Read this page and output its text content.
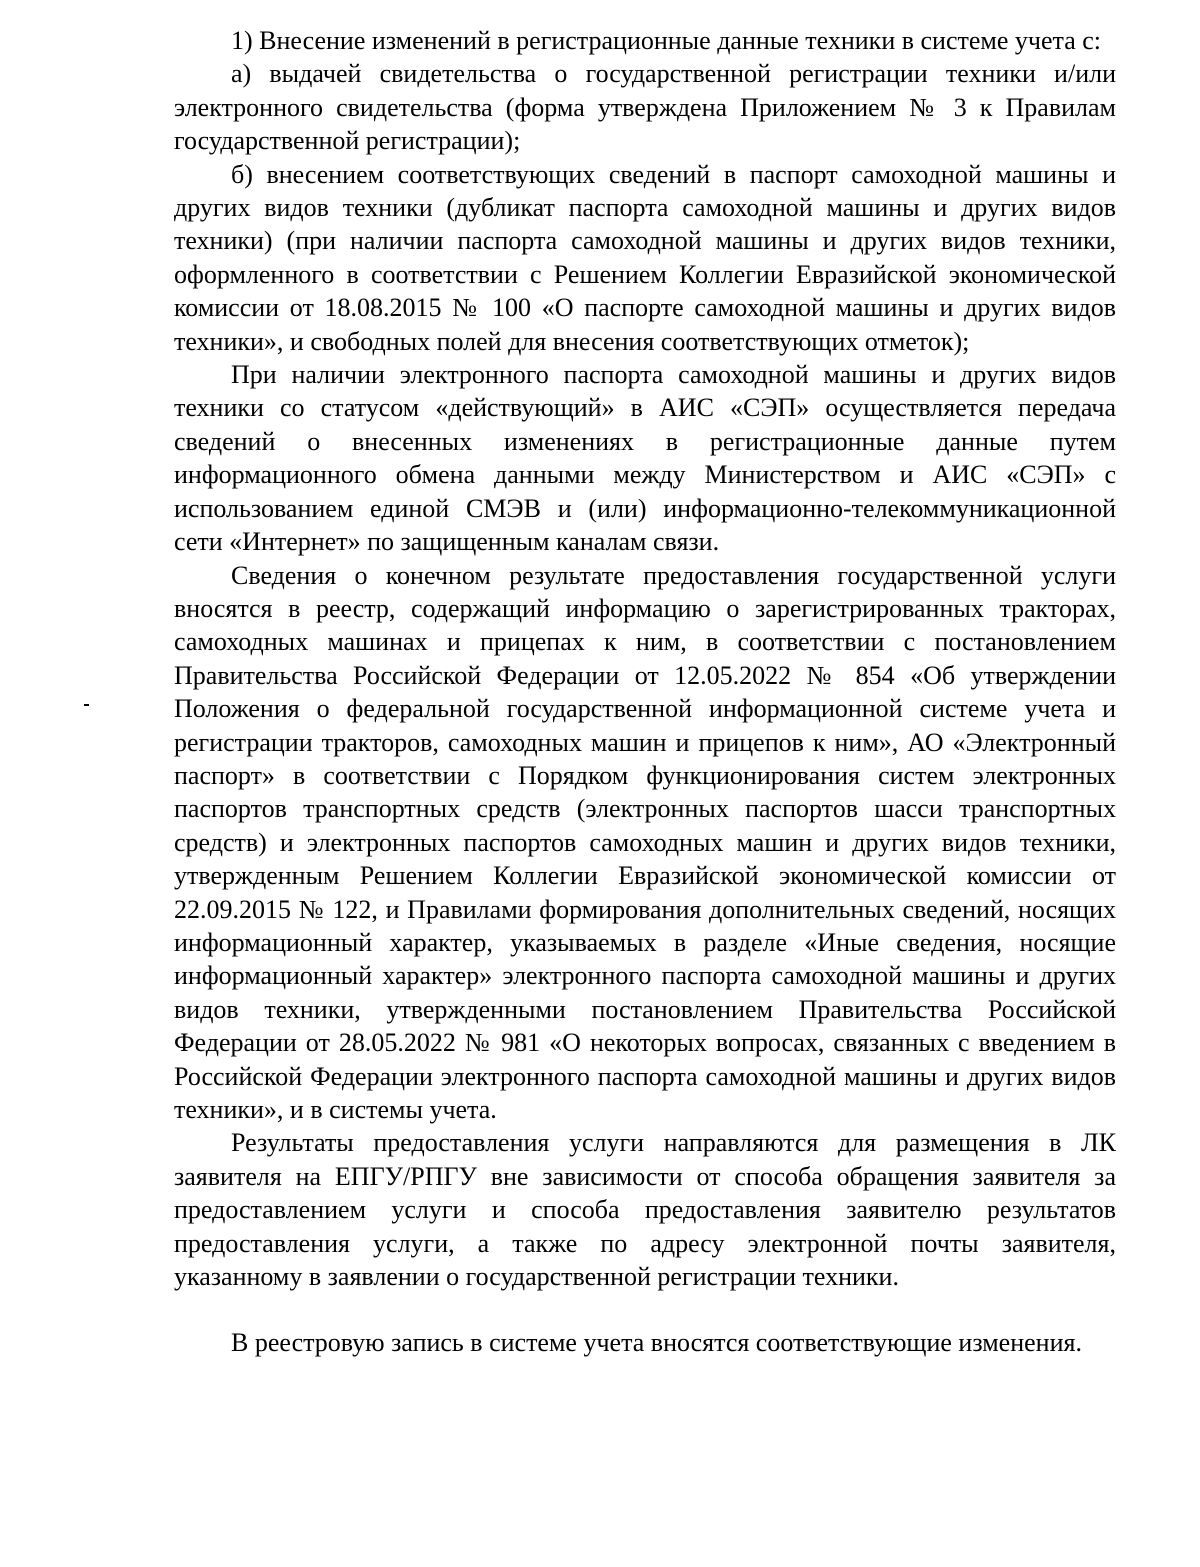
1) Внесение изменений в регистрационные данные техники в системе учета с:

а) выдачей свидетельства о государственной регистрации техники и/или электронного свидетельства (форма утверждена Приложением № 3 к Правилам государственной регистрации);

б) внесением соответствующих сведений в паспорт самоходной машины и других видов техники (дубликат паспорта самоходной машины и других видов техники) (при наличии паспорта самоходной машины и других видов техники, оформленного в соответствии с Решением Коллегии Евразийской экономической комиссии от 18.08.2015 № 100 «О паспорте самоходной машины и других видов техники», и свободных полей для внесения соответствующих отметок);

При наличии электронного паспорта самоходной машины и других видов техники со статусом «действующий» в АИС «СЭП» осуществляется передача сведений о внесенных изменениях в регистрационные данные путем информационного обмена данными между Министерством и АИС «СЭП» с использованием единой СМЭВ и (или) информационно-телекоммуникационной сети «Интернет» по защищенным каналам связи.

Сведения о конечном результате предоставления государственной услуги вносятся в реестр, содержащий информацию о зарегистрированных тракторах, самоходных машинах и прицепах к ним, в соответствии с постановлением Правительства Российской Федерации от 12.05.2022 № 854 «Об утверждении Положения о федеральной государственной информационной системе учета и регистрации тракторов, самоходных машин и прицепов к ним», АО «Электронный паспорт» в соответствии с Порядком функционирования систем электронных паспортов транспортных средств (электронных паспортов шасси транспортных средств) и электронных паспортов самоходных машин и других видов техники, утвержденным Решением Коллегии Евразийской экономической комиссии от 22.09.2015 № 122, и Правилами формирования дополнительных сведений, носящих информационный характер, указываемых в разделе «Иные сведения, носящие информационный характер» электронного паспорта самоходной машины и других видов техники, утвержденными постановлением Правительства Российской Федерации от 28.05.2022 № 981 «О некоторых вопросах, связанных с введением в Российской Федерации электронного паспорта самоходной машины и других видов техники», и в системы учета.

Результаты предоставления услуги направляются для размещения в ЛК заявителя на ЕПГУ/РПГУ вне зависимости от способа обращения заявителя за предоставлением услуги и способа предоставления заявителю результатов предоставления услуги, а также по адресу электронной почты заявителя, указанному в заявлении о государственной регистрации техники.

В реестровую запись в системе учета вносятся соответствующие изменения.
